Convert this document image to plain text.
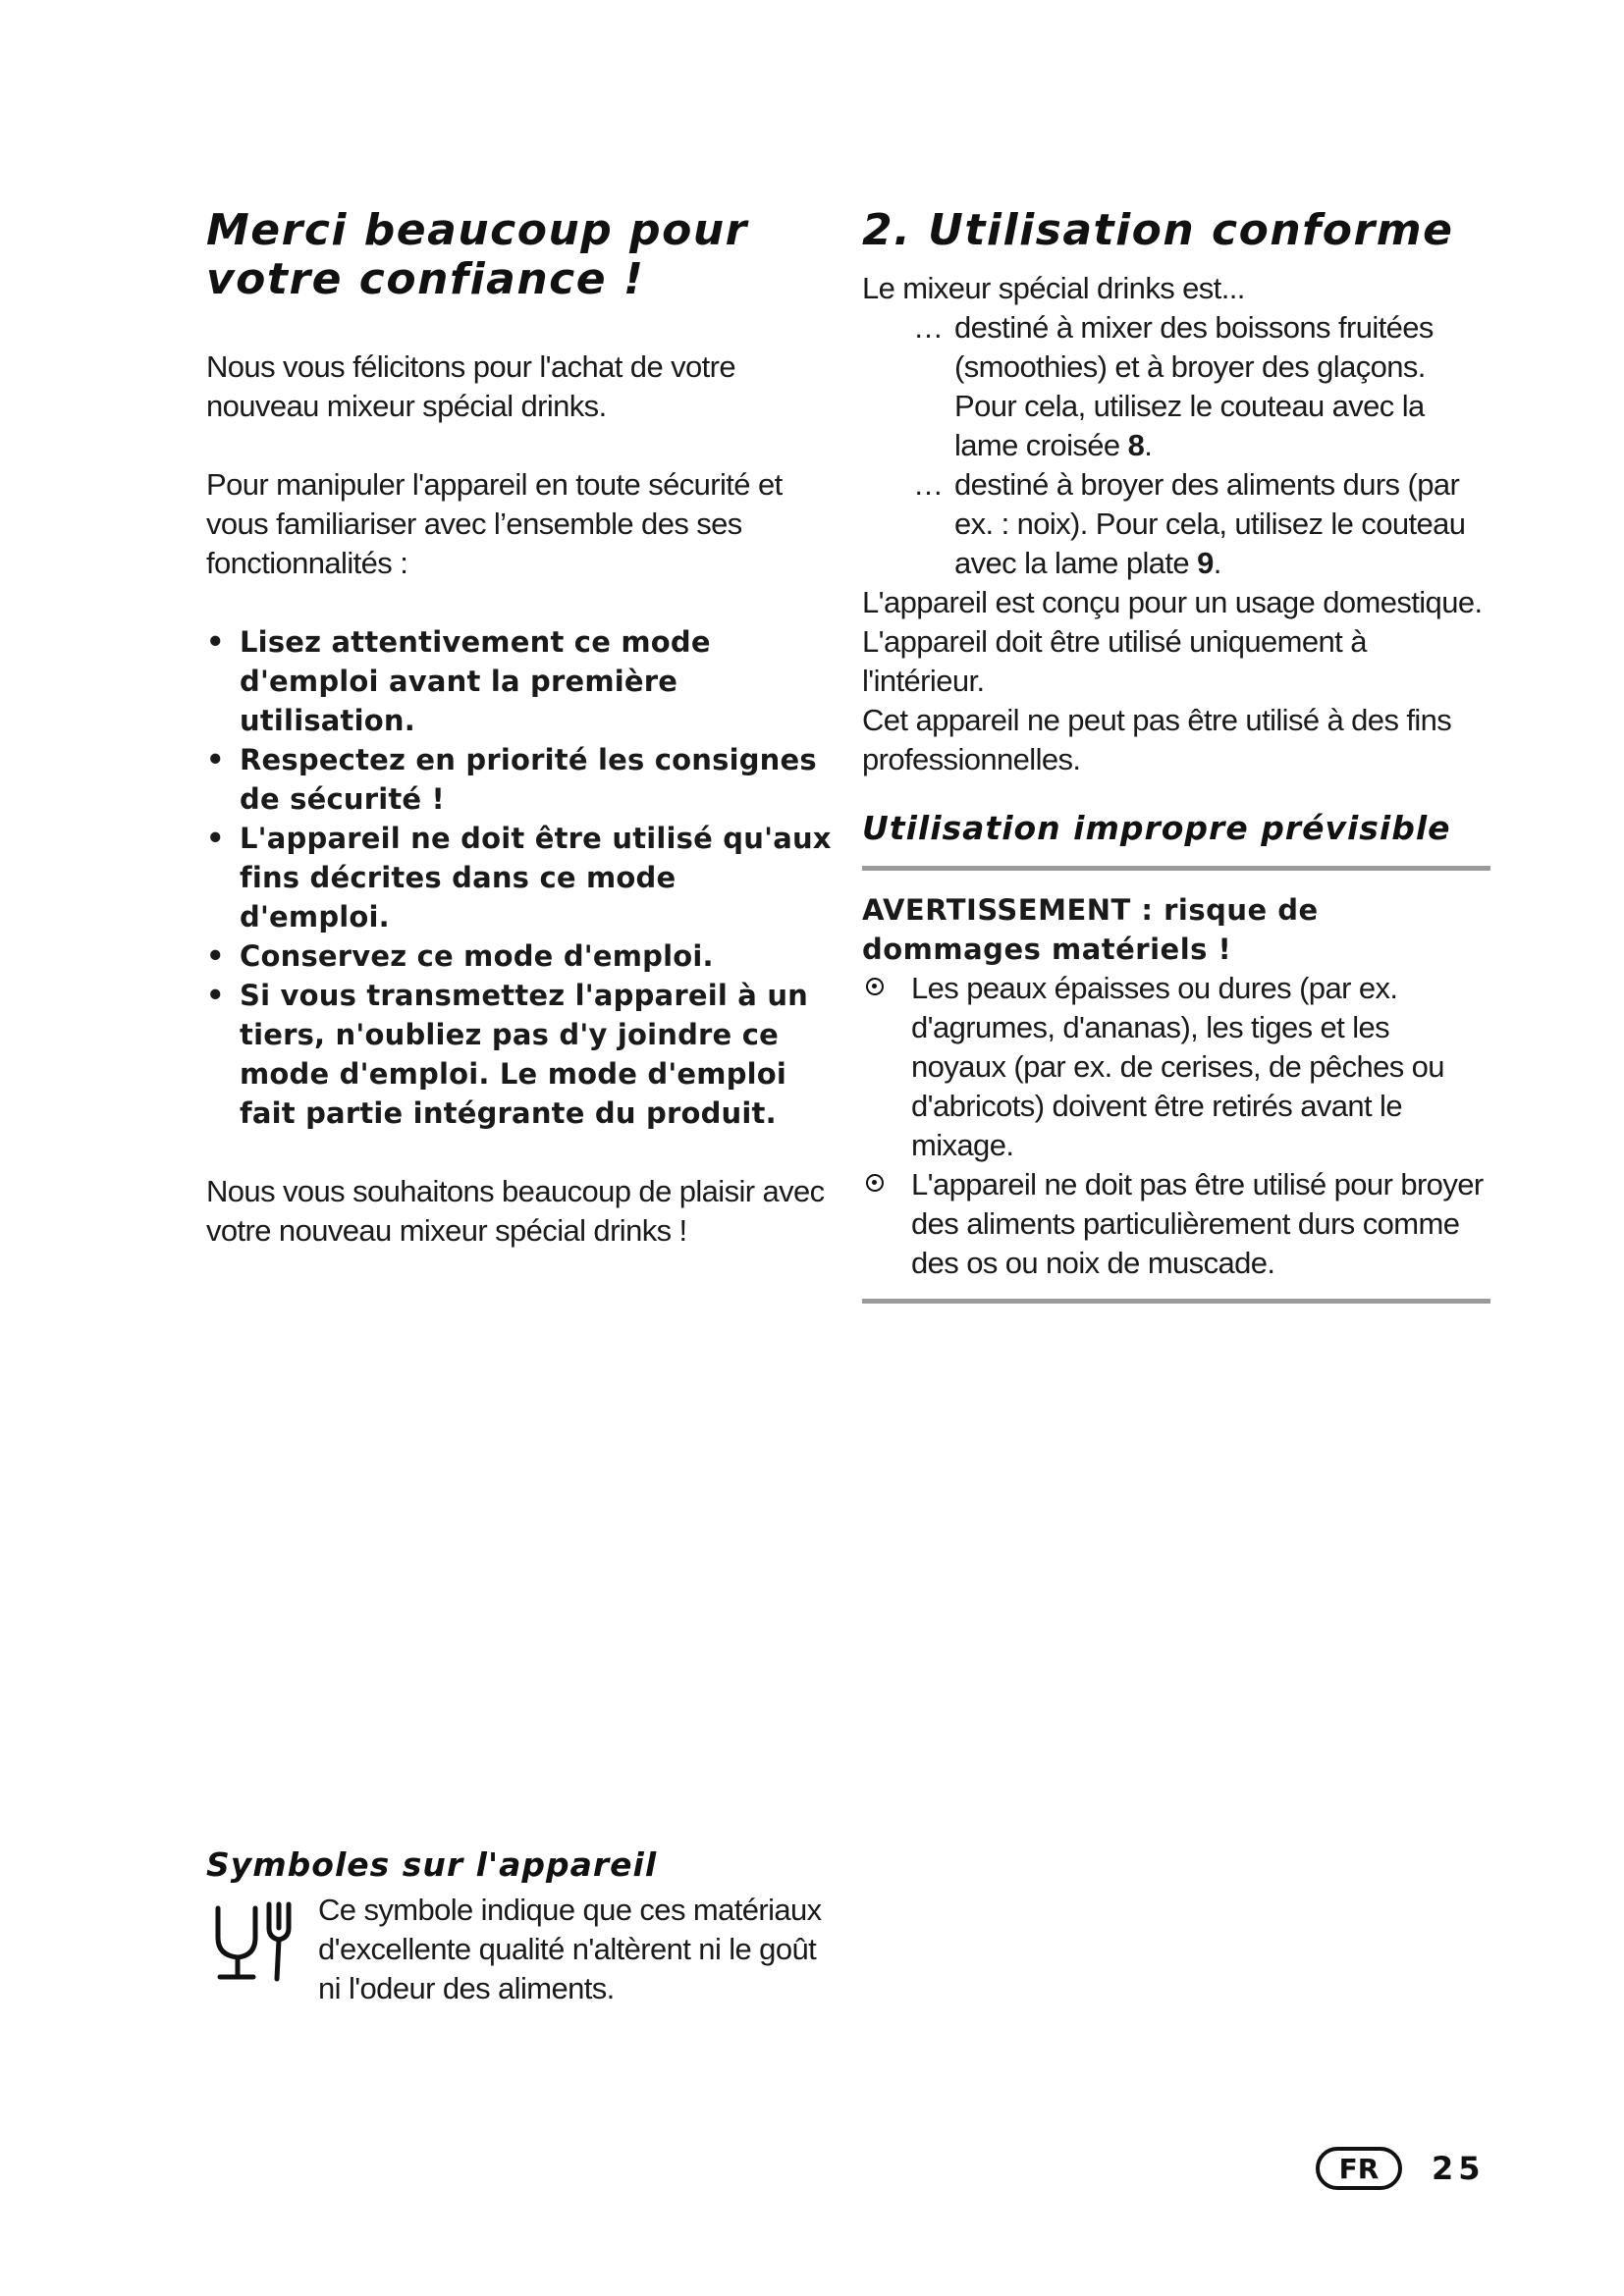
Merci beaucoup pour
votre confiance !

Nous vous félicitons pour l'achat de votre nouveau mixeur spécial drinks.

Pour manipuler l'appareil en toute sécurité et vous familiariser avec l’ensemble des ses fonctionnalités :

• Lisez attentivement ce mode d'emploi avant la première utilisation.
• Respectez en priorité les consignes de sécurité !
• L'appareil ne doit être utilisé qu'aux fins décrites dans ce mode d'emploi.
• Conservez ce mode d'emploi.
• Si vous transmettez l'appareil à un tiers, n'oubliez pas d'y joindre ce mode d'emploi. Le mode d'emploi fait partie intégrante du produit.

Nous vous souhaitons beaucoup de plaisir avec votre nouveau mixeur spécial drinks !

2. Utilisation conforme

Le mixeur spécial drinks est...

… destiné à mixer des boissons fruitées (smoothies) et à broyer des glaçons. Pour cela, utilisez le couteau avec la lame croisée 8.
… destiné à broyer des aliments durs (par ex. : noix). Pour cela, utilisez le couteau avec la lame plate 9.

L'appareil est conçu pour un usage domestique. L'appareil doit être utilisé uniquement à l'intérieur.

Cet appareil ne peut pas être utilisé à des fins professionnelles.

Utilisation impropre prévisible
AVERTISSEMENT : risque de dommages matériels !
Les peaux épaisses ou dures (par ex. d'agrumes, d'ananas), les tiges et les noyaux (par ex. de cerises, de pêches ou d'abricots) doivent être retirés avant le mixage.
L'appareil ne doit pas être utilisé pour broyer des aliments particulièrement durs comme des os ou noix de muscade.
Symboles sur l'appareil

Ce symbole indique que ces matériaux d'excellente qualité n'altèrent ni le goût ni l'odeur des aliments.

FR	25
